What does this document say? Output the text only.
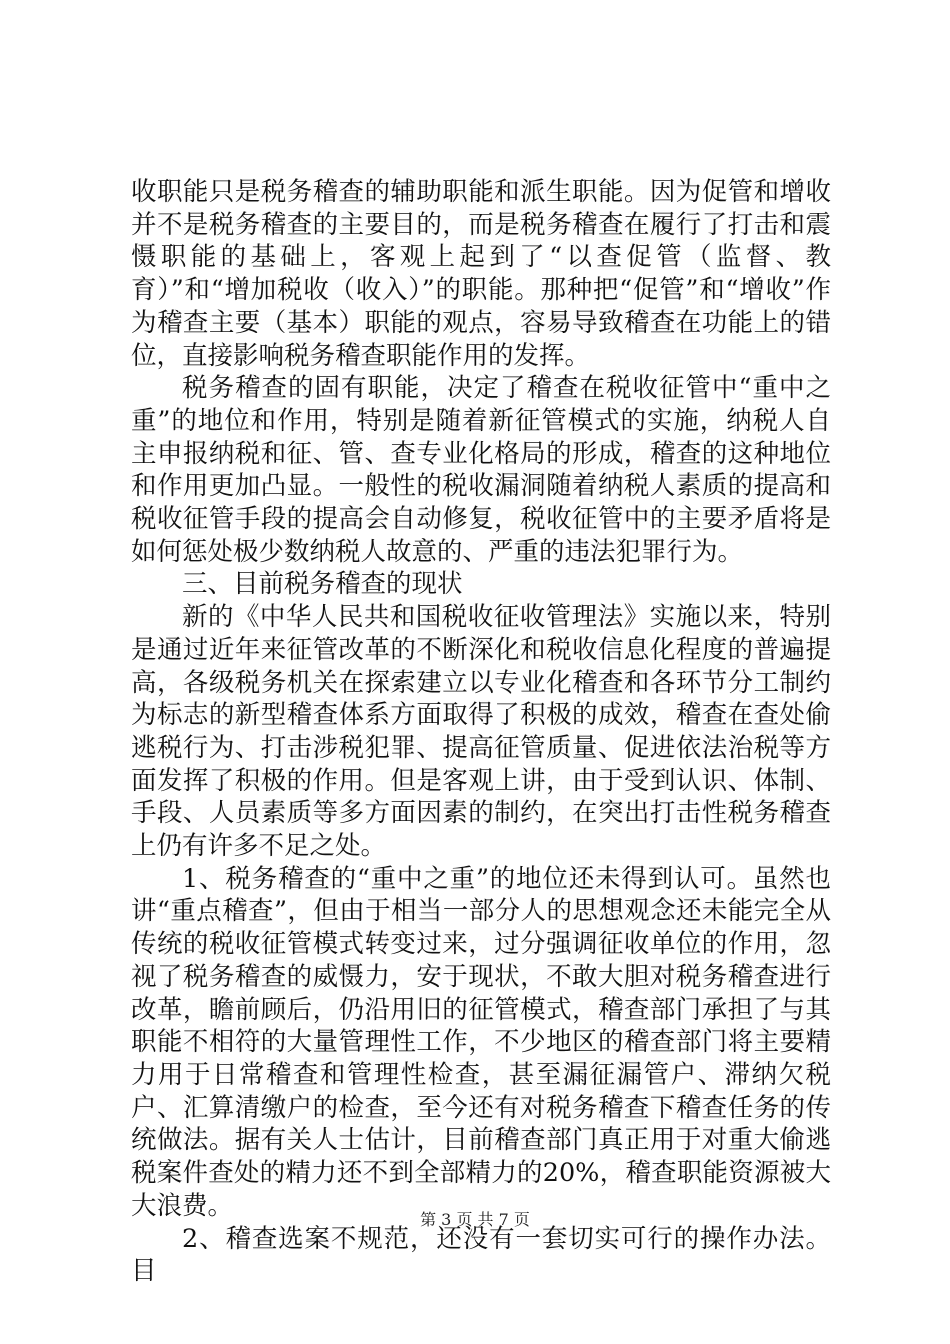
收职能只是税务稽查的辅助职能和派生职能。因为促管和增收并不是税务稽查的主要目的，而是税务稽查在履行了打击和震慑职能的基础上，客观上起到了“以查促管（监督、教育）”和“增加税收（收入）”的职能。那种把“促管”和“增收”作为稽查主要（基本）职能的观点，容易导致稽查在功能上的错位，直接影响税务稽查职能作用的发挥。

税务稽查的固有职能，决定了稽查在税收征管中“重中之重”的地位和作用，特别是随着新征管模式的实施，纳税人自主申报纳税和征、管、查专业化格局的形成，稽查的这种地位和作用更加凸显。一般性的税收漏洞随着纳税人素质的提高和税收征管手段的提高会自动修复，税收征管中的主要矛盾将是如何惩处极少数纳税人故意的、严重的违法犯罪行为。

三、目前税务稽查的现状

新的《中华人民共和国税收征收管理法》实施以来，特别是通过近年来征管改革的不断深化和税收信息化程度的普遍提高，各级税务机关在探索建立以专业化稽查和各环节分工制约为标志的新型稽查体系方面取得了积极的成效，稽查在查处偷逃税行为、打击涉税犯罪、提高征管质量、促进依法治税等方面发挥了积极的作用。但是客观上讲，由于受到认识、体制、手段、人员素质等多方面因素的制约，在突出打击性税务稽查上仍有许多不足之处。

1、税务稽查的“重中之重”的地位还未得到认可。虽然也讲“重点稽查”，但由于相当一部分人的思想观念还未能完全从传统的税收征管模式转变过来，过分强调征收单位的作用，忽视了税务稽查的威慑力，安于现状，不敢大胆对税务稽查进行改革，瞻前顾后，仍沿用旧的征管模式，稽查部门承担了与其职能不相符的大量管理性工作，不少地区的稽查部门将主要精力用于日常稽查和管理性检查，甚至漏征漏管户、滞纳欠税户、汇算清缴户的检查，至今还有对税务稽查下稽查任务的传统做法。据有关人士估计，目前稽查部门真正用于对重大偷逃税案件查处的精力还不到全部精力的20%，稽查职能资源被大大浪费。

2、稽查选案不规范，还没有一套切实可行的操作办法。目

第 3 页 共 7 页
